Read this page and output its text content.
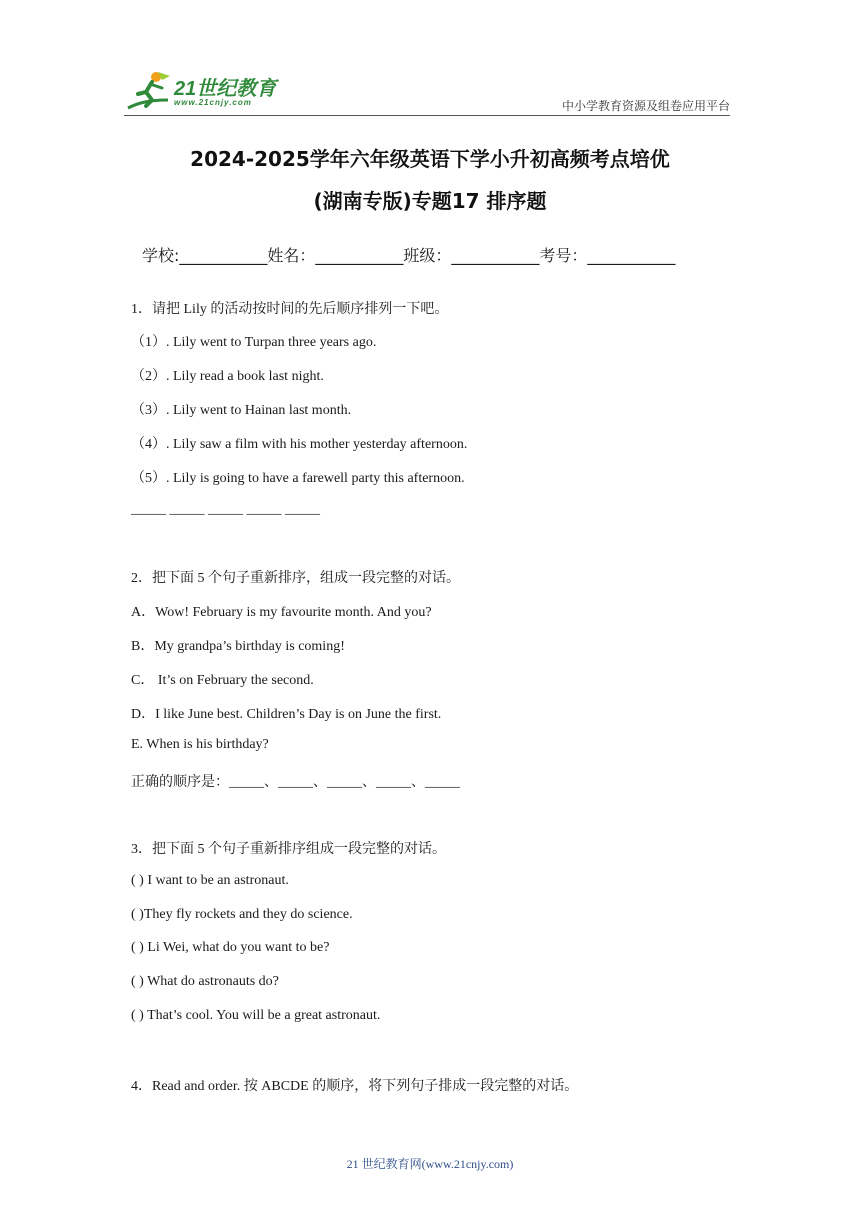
21世纪教育
www.21cnjy.com	中小学教育资源及组卷应用平台
2024-2025学年六年级英语下学小升初高频考点培优
(湖南专版)专题17 排序题
学校:___________姓名：___________班级：___________考号：___________
1．请把 Lily 的活动按时间的先后顺序排列一下吧。
（1）. Lily went to Turpan three years ago.
（2）. Lily read a book last night.
（3）. Lily went to Hainan last month.
（4）. Lily saw a film with his mother yesterday afternoon.
（5）. Lily is going to have a farewell party this afternoon.
_____ _____ _____ _____ _____
2．把下面 5 个句子重新排序，组成一段完整的对话。
A．Wow! February is my favourite month. And you?
B．My grandpa’s birthday is coming!
C． It’s on February the second.
D．I like June best. Children’s Day is on June the first.
E. When is his birthday?
正确的顺序是：_____、_____、_____、_____、_____
3．把下面 5 个句子重新排序组成一段完整的对话。
( ) I want to be an astronaut.
( )They fly rockets and they do science.
( ) Li Wei, what do you want to be?
( ) What do astronauts do?
( ) That’s cool. You will be a great astronaut.
4．Read and order. 按 ABCDE 的顺序，将下列句子排成一段完整的对话。
21 世纪教育网(www.21cnjy.com)
